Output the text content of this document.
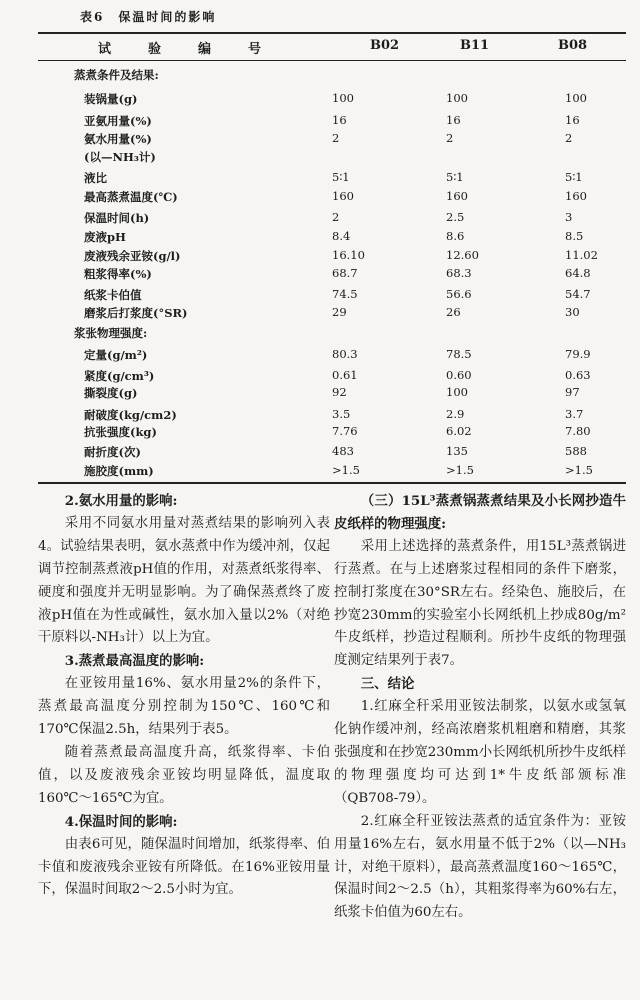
表6　保温时间的影响
试　验　编　号	B02	B11	B08
蒸煮条件及结果:
装锅量(g)	100	100	100
亚氨用量(%)	16	16	16
氨水用量(%)	2	2	2
(以—NH₃计)
液比	5∶1	5∶1	5∶1
最高蒸煮温度(℃)	160	160	160
保温时间(h)	2	2.5	3
废液pH	8.4	8.6	8.5
废液残余亚铵(g/l)	16.10	12.60	11.02
粗浆得率(%)	68.7	68.3	64.8
纸浆卡伯值	74.5	56.6	54.7
磨浆后打浆度(°SR)	29	26	30
浆张物理强度:
定量(g/m²)	80.3	78.5	79.9
紧度(g/cm³)	0.61	0.60	0.63
撕裂度(g)	92	100	97
耐破度(kg/cm2)	3.5	2.9	3.7
抗张强度(kg)	7.76	6.02	7.80
耐折度(次)	483	135	588
施胶度(mm)	>1.5	>1.5	>1.5

2.氨水用量的影响:

采用不同氨水用量对蒸煮结果的影响列入表4。试验结果表明，氨水蒸煮中作为缓冲剂，仅起调节控制蒸煮液pH值的作用，对蒸煮纸浆得率、硬度和强度并无明显影响。为了确保蒸煮终了废液pH值在为性或碱性，氨水加入量以2%（对绝干原料以-NH₃计）以上为宜。

3.蒸煮最高温度的影响:

在亚铵用量16%、氨水用量2%的条件下，蒸煮最高温度分别控制为150℃、160℃和170℃保温2.5h，结果列于表5。

随着蒸煮最高温度升高，纸浆得率、卡伯值，以及废液残余亚铵均明显降低，温度取160℃～165℃为宜。

4.保温时间的影响:

由表6可见，随保温时间增加，纸浆得率、伯卡值和废液残余亚铵有所降低。在16%亚铵用量下，保温时间取2～2.5小时为宜。

（三）15L³蒸煮锅蒸煮结果及小长网抄造牛皮纸样的物理强度:

采用上述选择的蒸煮条件，用15L³蒸煮锅进行蒸煮。在与上述磨浆过程相同的条件下磨浆，控制打浆度在30°SR左右。经染色、施胶后，在抄宽230mm的实验室小长网纸机上抄成80g/m²牛皮纸样，抄造过程顺利。所抄牛皮纸的物理强度测定结果列于表7。

三、结论

1.红麻全秆采用亚铵法制浆，以氨水或氢氧化钠作缓冲剂，经高浓磨浆机粗磨和精磨，其浆张强度和在抄宽230mm小长网纸机所抄牛皮纸样的物理强度均可达到1*牛皮纸部颁标准（QB708-79）。

2.红麻全秆亚铵法蒸煮的适宜条件为：亚铵用量16%左右，氨水用量不低于2%（以—NH₃计，对绝干原料），最高蒸煮温度160～165℃，保温时间2～2.5（h），其粗浆得率为60%右左，纸浆卡伯值为60左右。
